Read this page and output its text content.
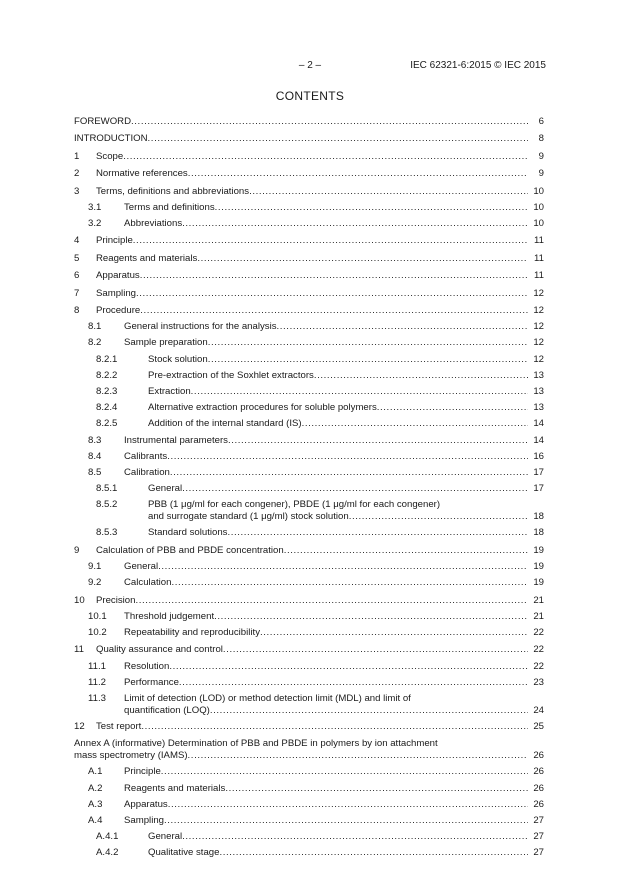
– 2 –	IEC 62321-6:2015 © IEC 2015
CONTENTS
FOREWORD .....	6
INTRODUCTION .....	8
1 Scope .....	9
2 Normative references .....	9
3 Terms, definitions and abbreviations .....	10
3.1 Terms and definitions .....	10
3.2 Abbreviations .....	10
4 Principle .....	11
5 Reagents and materials .....	11
6 Apparatus .....	11
7 Sampling .....	12
8 Procedure .....	12
8.1 General instructions for the analysis .....	12
8.2 Sample preparation .....	12
8.2.1	Stock solution .....	12
8.2.2	Pre-extraction of the Soxhlet extractors .....	13
8.2.3	Extraction .....	13
8.2.4	Alternative extraction procedures for soluble polymers .....	13
8.2.5	Addition of the internal standard (IS) .....	14
8.3 Instrumental parameters .....	14
8.4 Calibrants .....	16
8.5 Calibration .....	17
8.5.1	General .....	17
8.5.2	PBB (1 μg/ml for each congener), PBDE (1 μg/ml for each congener)
and surrogate standard (1 μg/ml) stock solution .....	18
8.5.3	Standard solutions .....	18
9 Calculation of PBB and PBDE concentration .....	19
9.1 General .....	19
9.2 Calculation .....	19
10 Precision .....	21
10.1 Threshold judgement .....	21
10.2 Repeatability and reproducibility .....	22
11 Quality assurance and control .....	22
11.1 Resolution .....	22
11.2 Performance .....	23
11.3 Limit of detection (LOD) or method detection limit (MDL) and limit of
quantification (LOQ) .....	24
12 Test report .....	25
Annex A (informative) Determination of PBB and PBDE in polymers by ion attachment
mass spectrometry (IAMS) .....	26
A.1 Principle .....	26
A.2 Reagents and materials .....	26
A.3 Apparatus .....	26
A.4 Sampling .....	27
A.4.1	General .....	27
A.4.2	Qualitative stage .....	27
